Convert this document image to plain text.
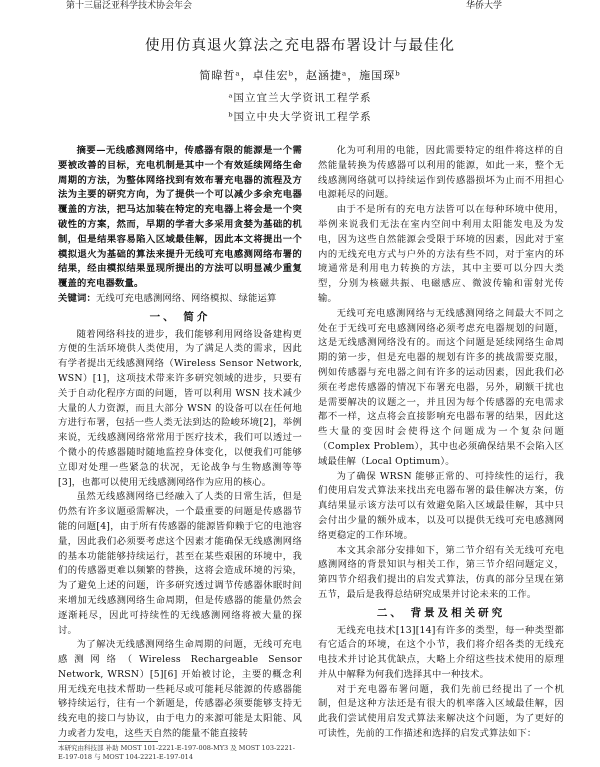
第十三届泛亚科学技术协会年会	华侨大学
使用仿真退火算法之充电器布署设计与最佳化
简暐哲ᵃ，卓佳宏ᵇ，赵涵捷ᵃ，施国琛ᵇ
ᵃ国立宜兰大学资讯工程学系
ᵇ国立中央大学资讯工程学系

摘要—无线感测网络中，传感器有限的能源是一个需要被改善的目标，充电机制是其中一个有效延续网络生命周期的方法，为整体网络找到有效布署充电器的流程及方法为主要的研究方向，为了提供一个可以减少多余充电器覆盖的方法，把马达加装在特定的充电器上将会是一个突破性的方案，然而，早期的学者大多采用贪婪为基础的机制，但是结果容易陷入区域最佳解，因此本文将提出一个模拟退火为基础的算法来提升无线可充电感测网络布署的结果，经由模拟结果显现所提出的方法可以明显减少重复覆盖的充电器数量。

关键词：无线可充电感测网络、网络模拟、绿能运算

一、 简介

随着网络科技的进步，我们能够利用网络设备建构更方便的生活环境供人类使用，为了满足人类的需求，因此有学者提出无线感测网络（Wireless Sensor Network, WSN）[1]，这项技术带来许多研究领域的进步，只要有关于自动化程序方面的问题，皆可以利用 WSN 技术减少大量的人力资源，而且大部分 WSN 的设备可以在任何地方进行布署，包括一些人类无法到达的险峻环境[2]，举例来说，无线感测网络常常用于医疗技术，我们可以透过一个微小的传感器随时随地监控身体变化，以便我们可能够立即对处理一些紧急的状况，无论战争与生物感测等等[3]，也都可以使用无线感测网络作为应用的核心。

虽然无线感测网络已经融入了人类的日常生活，但是仍然有许多议题亟需解决，一个最重要的问题是传感器节能的问题[4]，由于所有传感器的能源皆仰赖于它的电池容量，因此我们必须要考虑这个因素才能确保无线感测网络的基本功能能够持续运行，甚至在某些艰困的环境中，我们的传感器更难以频繁的替换，这将会造成环境的污染，为了避免上述的问题，许多研究透过调节传感器休眠时间来增加无线感测网络生命周期，但是传感器的能量仍然会逐渐耗尽，因此可持续性的无线感测网络将被大量的探讨。

为了解决无线感测网络生命周期的问题，无线可充电感测网络（Wireless Rechargeable Sensor Network, WRSN）[5][6] 开始被讨论，主要的概念利用无线充电技术帮助一些耗尽或可能耗尽能源的传感器能够持续运行，往有一个新题是，传感器必须要能够支持无线充电的接口与协议，由于电力的来源可能是太阳能、风力或者力发电，这些天自然的能量不能直接转

化为可利用的电能，因此需要特定的组件将这样的自然能量转换为传感器可以利用的能源，如此一来，整个无线感测网络就可以持续运作到传感器损坏为止而不用担心电源耗尽的问题。

由于不是所有的充电方法皆可以在每种环境中使用，举例来说我们无法在室内空间中利用太阳能发电及为发电，因为这些自然能源会受限于环境的因素，因此对于室内的无线充电方式与户外的方法有些不同，对于室内的环境通常是利用电力转换的方法，其中主要可以分四大类型，分别为核磁共振、电磁感应、微波传输和雷射光传输。

无线可充电感测网络与无线感测网络之间最大不同之处在于无线可充电感测网络必须考虑充电器规划的问题，这是无线感测网络没有的。而这个问题是延续网络生命周期的第一步，但是充电器的规划有许多的挑战需要克服，例如传感器与充电器之间有许多的运动因素，因此我们必须在考虑传感器的情况下布署充电器，另外，刷额干扰也是需要解决的议题之一，并且因为每个传感器的充电需求都不一样，这点将会直接影响充电器布署的结果，因此这些大量的变因时会使得这个问题成为一个复杂问题（Complex Problem），其中也必须确保结果不会陷入区域最佳解（Local Optimum）。

为了确保 WRSN 能够正常的、可持续性的运行，我们使用启发式算法来找出充电器布署的最佳解决方案，仿真结果显示该方法可以有效避免陷入区域最佳解，其中只会付出少量的额外成本，以及可以提供无线可充电感测网络更稳定的工作环境。

本文其余部分安排如下，第二节介绍有关无线可充电感测网络的背景知识与相关工作，第三节介绍问题定义，第四节介绍我们提出的启发式算法，仿真的部分呈现在第五节，最后是我得总结研究成果并讨论未来的工作。

二、 背景及相关研究

无线充电技术[13][14]有许多的类型，每一种类型都有它适合的环境，在这个小节，我们将介绍各类的无线充电技术并讨论其优缺点，大略上介绍这些技术使用的原理并从中解释为何我们选择其中一种技术。

对于充电器布署问题，我们先前已经提出了一个机制，但是这种方法还是有很大的机率落入区域最佳解，因此我们尝试使用启发式算法来解决这个问题，为了更好的可读性，先前的工作描述和选择的启发式算法如下：

本研究由科技部 补助 MOST 101-2221-E-197-008-MY3 及 MOST 103-2221-E-197-018 与 MOST 104-2221-E-197-014
